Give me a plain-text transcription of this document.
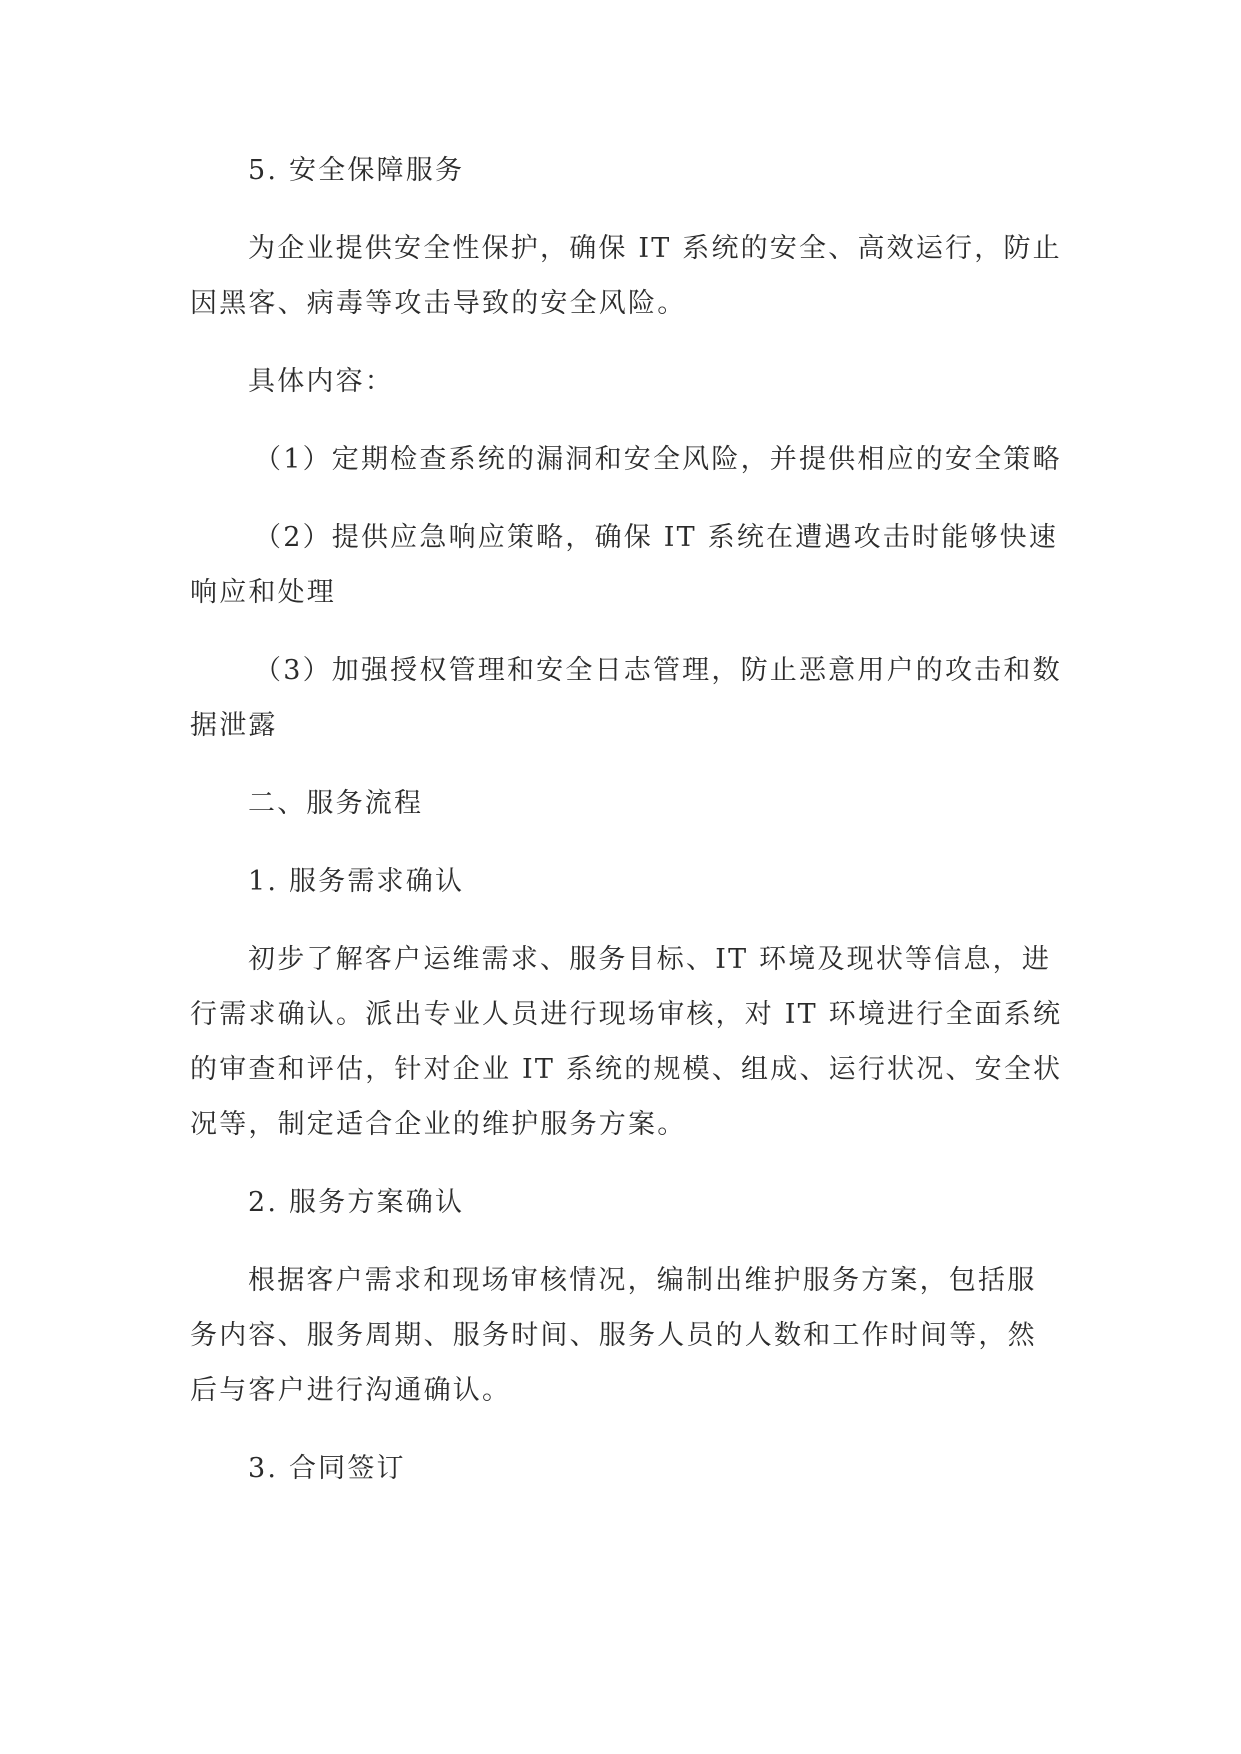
5. 安全保障服务
为企业提供安全性保护，确保 IT 系统的安全、高效运行，防止
因黑客、病毒等攻击导致的安全风险。
具体内容：
（1）定期检查系统的漏洞和安全风险，并提供相应的安全策略
（2）提供应急响应策略，确保 IT 系统在遭遇攻击时能够快速
响应和处理
（3）加强授权管理和安全日志管理，防止恶意用户的攻击和数
据泄露
二、服务流程
1. 服务需求确认
初步了解客户运维需求、服务目标、IT 环境及现状等信息，进
行需求确认。派出专业人员进行现场审核，对 IT 环境进行全面系统
的审查和评估，针对企业 IT 系统的规模、组成、运行状况、安全状
况等，制定适合企业的维护服务方案。
2. 服务方案确认
根据客户需求和现场审核情况，编制出维护服务方案，包括服
务内容、服务周期、服务时间、服务人员的人数和工作时间等，然
后与客户进行沟通确认。
3. 合同签订
